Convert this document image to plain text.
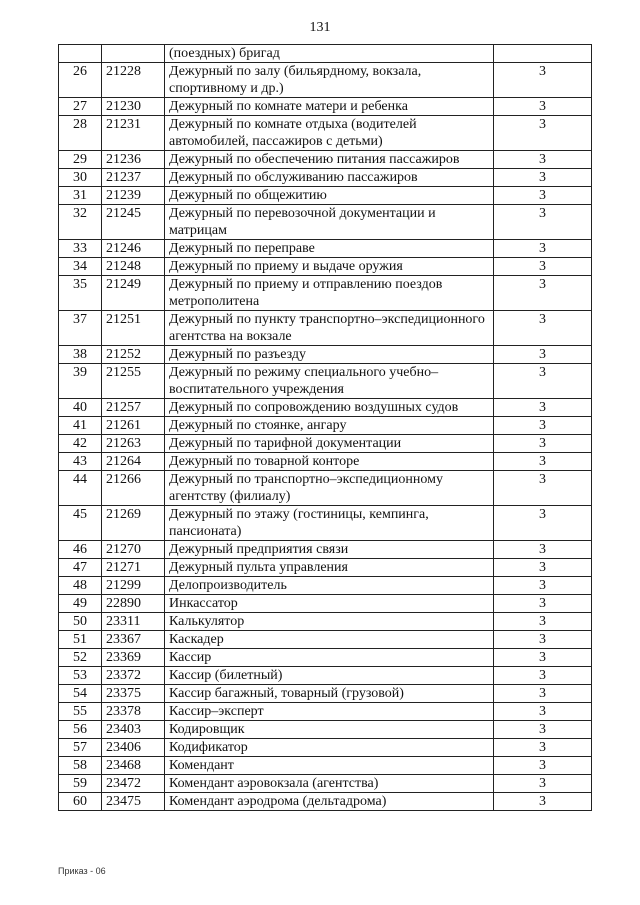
131
		(поездных) бригад	
26	21228	Дежурный по залу (бильярдному, вокзала, спортивному и др.)	3
27	21230	Дежурный по комнате матери и ребенка	3
28	21231	Дежурный по комнате отдыха (водителей автомобилей, пассажиров с детьми)	3
29	21236	Дежурный по обеспечению питания пассажиров	3
30	21237	Дежурный по обслуживанию пассажиров	3
31	21239	Дежурный по общежитию	3
32	21245	Дежурный по перевозочной документации и матрицам	3
33	21246	Дежурный по переправе	3
34	21248	Дежурный по приему и выдаче оружия	3
35	21249	Дежурный по приему и отправлению поездов метрополитена	3
37	21251	Дежурный по пункту транспортно–экспедиционного агентства на вокзале	3
38	21252	Дежурный по разъезду	3
39	21255	Дежурный по режиму специального учебно–воспитательного учреждения	3
40	21257	Дежурный по сопровождению воздушных судов	3
41	21261	Дежурный по стоянке, ангару	3
42	21263	Дежурный по тарифной документации	3
43	21264	Дежурный по товарной конторе	3
44	21266	Дежурный по транспортно–экспедиционному агентству (филиалу)	3
45	21269	Дежурный по этажу (гостиницы, кемпинга, пансионата)	3
46	21270	Дежурный предприятия связи	3
47	21271	Дежурный пульта управления	3
48	21299	Делопроизводитель	3
49	22890	Инкассатор	3
50	23311	Калькулятор	3
51	23367	Каскадер	3
52	23369	Кассир	3
53	23372	Кассир (билетный)	3
54	23375	Кассир багажный, товарный (грузовой)	3
55	23378	Кассир–эксперт	3
56	23403	Кодировщик	3
57	23406	Кодификатор	3
58	23468	Комендант	3
59	23472	Комендант аэровокзала (агентства)	3
60	23475	Комендант аэродрома (дельтадрома)	3
Приказ - 06
